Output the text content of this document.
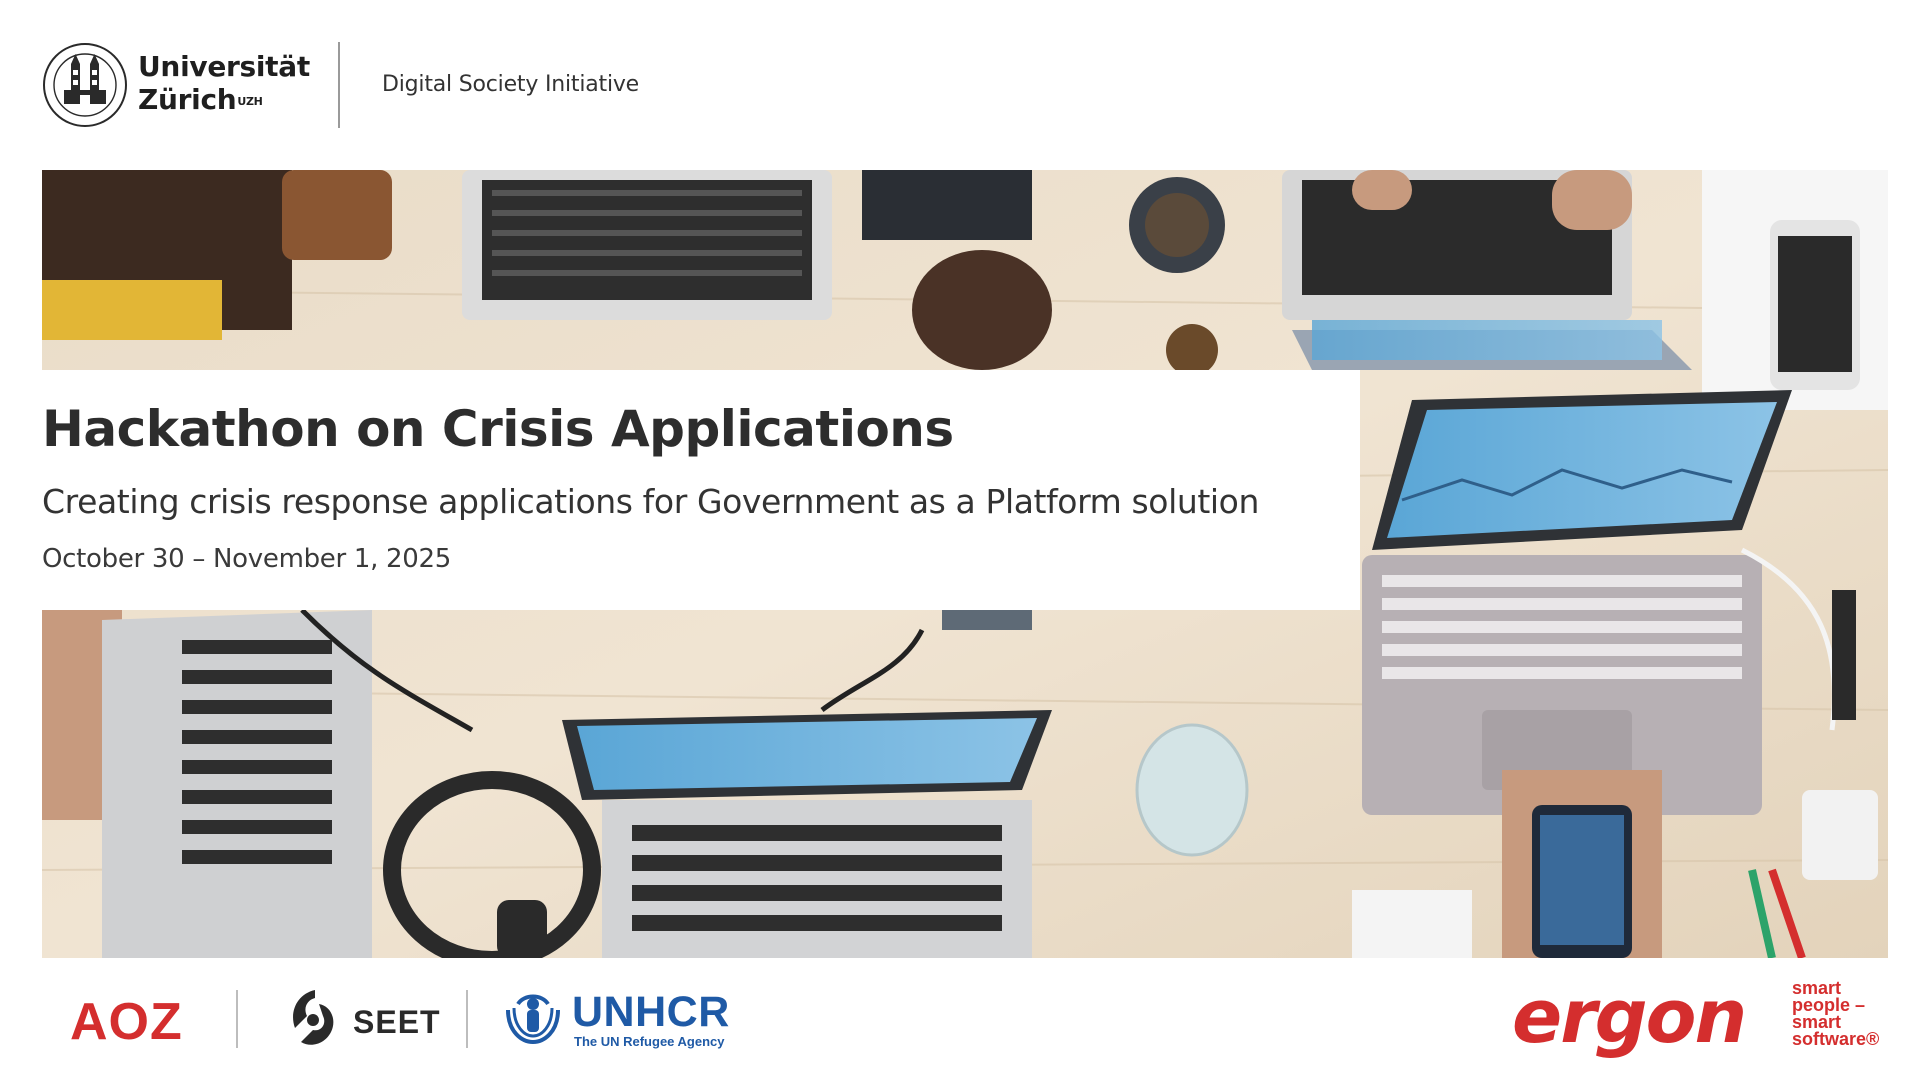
Universität
Zürich$^{UZH}$
Digital Society Initiative
Hackathon on Crisis Applications
Creating crisis response applications for Government as a Platform solution
October 30 – November 1, 2025
AOZ	SEET	UNHCR
The UN Refugee Agency	ergon	smart
people –
smart
software®
